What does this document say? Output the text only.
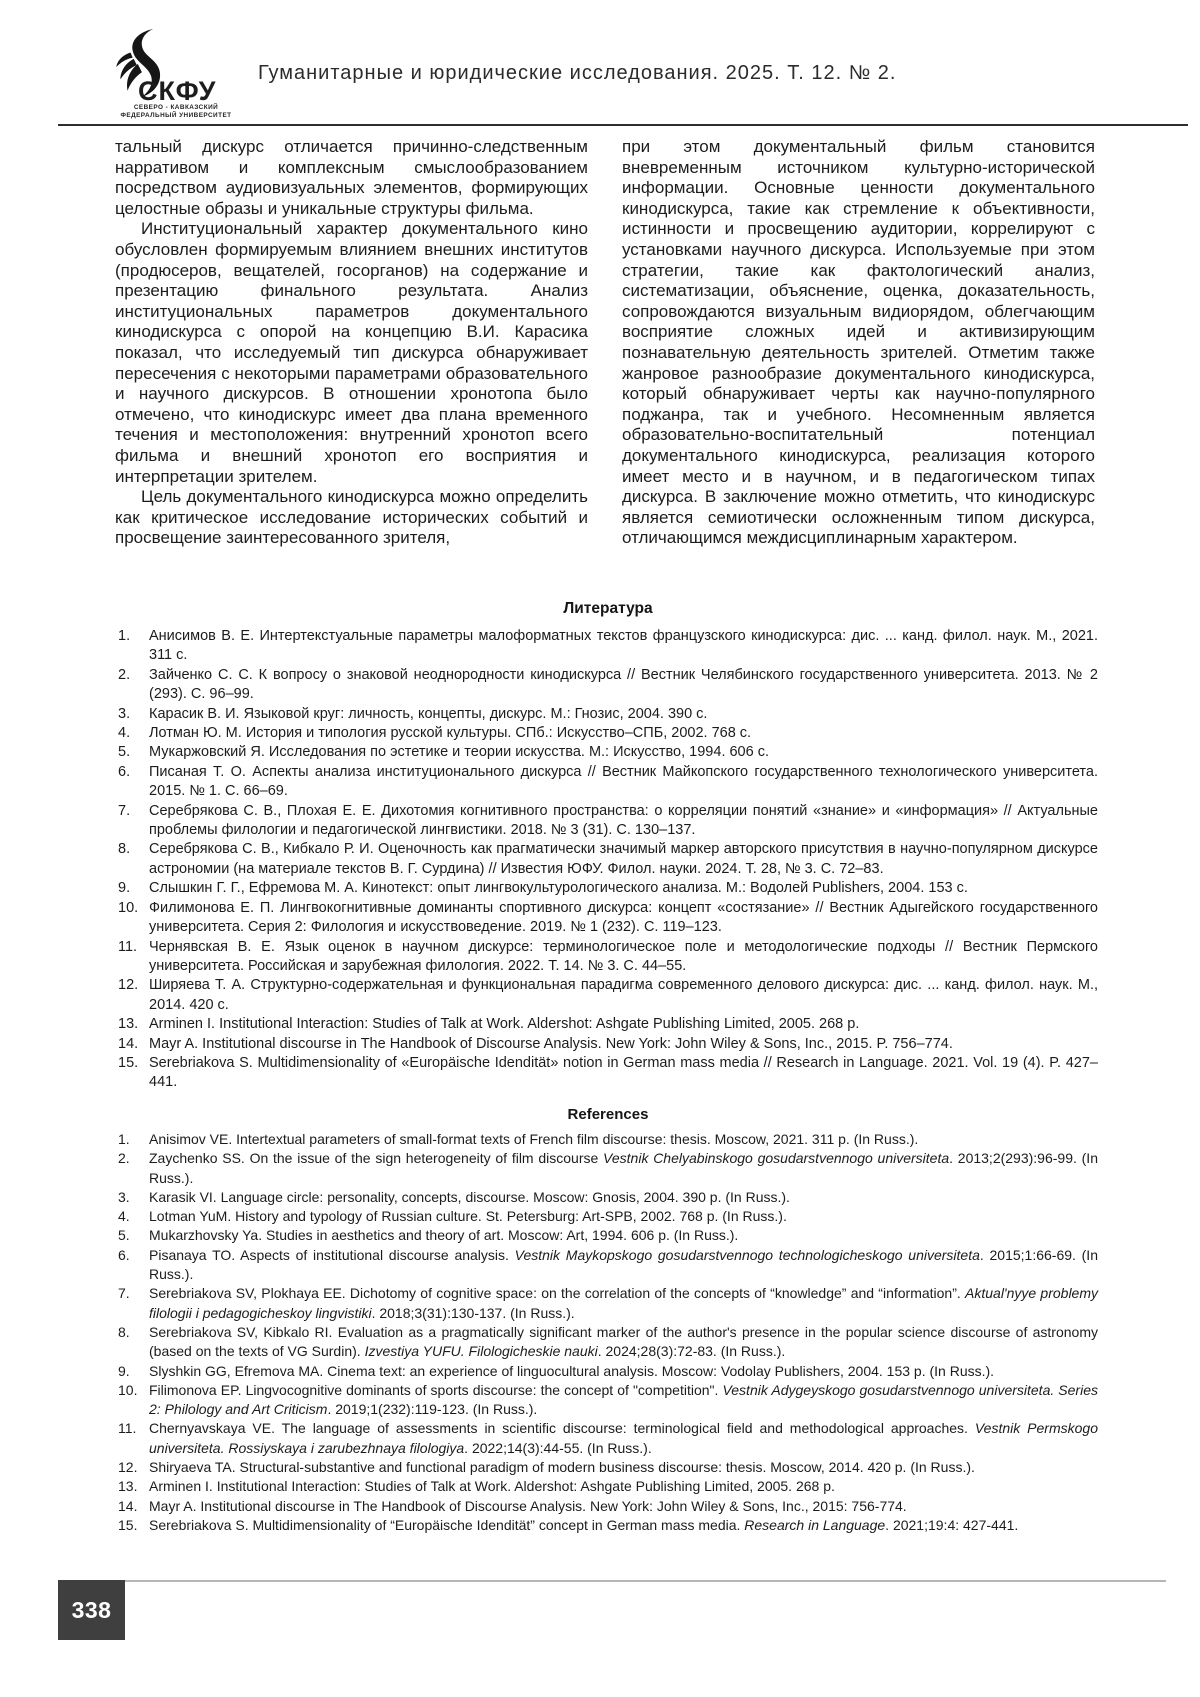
СКФУ
СЕВЕРО - КАВКАЗСКИЙ
ФЕДЕРАЛЬНЫЙ УНИВЕРСИТЕТ
Гуманитарные и юридические исследования. 2025. Т. 12. № 2.

тальный дискурс отличается причинно-следственным нарративом и комплексным смыслообразованием посредством аудиовизуальных элементов, формирующих целостные образы и уникальные структуры фильма.

Институциональный характер документального кино обусловлен формируемым влиянием внешних институтов (продюсеров, вещателей, госорганов) на содержание и презентацию финального результата. Анализ институциональных параметров документального кинодискурса с опорой на концепцию В.И. Карасика показал, что исследуемый тип дискурса обнаруживает пересечения с некоторыми параметрами образовательного и научного дискурсов. В отношении хронотопа было отмечено, что кинодискурс имеет два плана временного течения и местоположения: внутренний хронотоп всего фильма и внешний хронотоп его восприятия и интерпретации зрителем.

Цель документального кинодискурса можно определить как критическое исследование исторических событий и просвещение заинтересованного зрителя,

при этом документальный фильм становится вневременным источником культурно-исторической информации. Основные ценности документального кинодискурса, такие как стремление к объективности, истинности и просвещению аудитории, коррелируют с установками научного дискурса. Используемые при этом стратегии, такие как фактологический анализ, систематизации, объяснение, оценка, доказательность, сопровождаются визуальным видиорядом, облегчающим восприятие сложных идей и активизирующим познавательную деятельность зрителей. Отметим также жанровое разнообразие документального кинодискурса, который обнаруживает черты как научно-популярного поджанра, так и учебного. Несомненным является образовательно-воспитательный потенциал документального кинодискурса, реализация которого имеет место и в научном, и в педагогическом типах дискурса. В заключение можно отметить, что кинодискурс является семиотически осложненным типом дискурса, отличающимся междисциплинарным характером.

Литература
1.	Анисимов В. Е. Интертекстуальные параметры малоформатных текстов французского кинодискурса: дис. ... канд. филол. наук. М., 2021. 311 с.
2.	Зайченко С. С. К вопросу о знаковой неоднородности кинодискурса // Вестник Челябинского государственного университета. 2013. № 2 (293). С. 96–99.
3.	Карасик В. И. Языковой круг: личность, концепты, дискурс. М.: Гнозис, 2004. 390 с.
4.	Лотман Ю. М. История и типология русской культуры. СПб.: Искусство–СПБ, 2002. 768 с.
5.	Мукаржовский Я. Исследования по эстетике и теории искусства. М.: Искусство, 1994. 606 с.
6.	Писаная Т. О. Аспекты анализа институционального дискурса // Вестник Майкопского государственного технологического университета. 2015. № 1. С. 66–69.
7.	Серебрякова С. В., Плохая Е. Е. Дихотомия когнитивного пространства: о корреляции понятий «знание» и «информация» // Актуальные проблемы филологии и педагогической лингвистики. 2018. № 3 (31). С. 130–137.
8.	Серебрякова С. В., Кибкало Р. И. Оценочность как прагматически значимый маркер авторского присутствия в научно-популярном дискурсе астрономии (на материале текстов В. Г. Сурдина) // Известия ЮФУ. Филол. науки. 2024. Т. 28, № 3. С. 72–83.
9.	Слышкин Г. Г., Ефремова М. А. Кинотекст: опыт лингвокультурологического анализа. М.: Водолей Publishers, 2004. 153 с.
10. Филимонова Е. П. Лингвокогнитивные доминанты спортивного дискурса: концепт «состязание» // Вестник Адыгейского государственного университета. Серия 2: Филология и искусствоведение. 2019. № 1 (232). С. 119–123.
11. Чернявская В. Е. Язык оценок в научном дискурсе: терминологическое поле и методологические подходы // Вестник Пермского университета. Российская и зарубежная филология. 2022. Т. 14. № 3. С. 44–55.
12. Ширяева Т. А. Структурно-содержательная и функциональная парадигма современного делового дискурса: дис. ... канд. филол. наук. М., 2014. 420 с.
13. Arminen I. Institutional Interaction: Studies of Talk at Work. Aldershot: Ashgate Publishing Limited, 2005. 268 p.
14. Mayr A. Institutional discourse in The Handbook of Discourse Analysis. New York: John Wiley & Sons, Inc., 2015. P. 756–774.
15. Serebriakova S. Multidimensionality of «Europäische Idendität» notion in German mass media // Research in Language. 2021. Vol. 19 (4). P. 427–441.
References
1.	Anisimov VE. Intertextual parameters of small-format texts of French film discourse: thesis. Moscow, 2021. 311 p. (In Russ.).
2.	Zaychenko SS. On the issue of the sign heterogeneity of film discourse Vestnik Chelyabinskogo gosudarstvennogo universiteta. 2013;2(293):96-99. (In Russ.).
3.	Karasik VI. Language circle: personality, concepts, discourse. Moscow: Gnosis, 2004. 390 p. (In Russ.).
4.	Lotman YuM. History and typology of Russian culture. St. Petersburg: Art-SPB, 2002. 768 p. (In Russ.).
5.	Mukarzhovsky Ya. Studies in aesthetics and theory of art. Moscow: Art, 1994. 606 p. (In Russ.).
6.	Pisanaya TO. Aspects of institutional discourse analysis. Vestnik Maykopskogo gosudarstvennogo technologicheskogo universiteta. 2015;1:66-69. (In Russ.).
7.	Serebriakova SV, Plokhaya EE. Dichotomy of cognitive space: on the correlation of the concepts of “knowledge” and “information”. Aktual'nyye problemy filologii i pedagogicheskoy lingvistiki. 2018;3(31):130-137. (In Russ.).
8.	Serebriakova SV, Kibkalo RI. Evaluation as a pragmatically significant marker of the author's presence in the popular science discourse of astronomy (based on the texts of VG Surdin). Izvestiya YUFU. Filologicheskie nauki. 2024;28(3):72-83. (In Russ.).
9.	Slyshkin GG, Efremova MA. Cinema text: an experience of linguocultural analysis. Moscow: Vodolay Publishers, 2004. 153 p. (In Russ.).
10. Filimonova EP. Lingvocognitive dominants of sports discourse: the concept of "competition". Vestnik Adygeyskogo gosudarstvennogo universiteta. Series 2: Philology and Art Criticism. 2019;1(232):119-123. (In Russ.).
11. Chernyavskaya VE. The language of assessments in scientific discourse: terminological field and methodological approaches. Vestnik Permskogo universiteta. Rossiyskaya i zarubezhnaya filologiya. 2022;14(3):44-55. (In Russ.).
12. Shiryaeva TA. Structural-substantive and functional paradigm of modern business discourse: thesis. Moscow, 2014. 420 p. (In Russ.).
13. Arminen I. Institutional Interaction: Studies of Talk at Work. Aldershot: Ashgate Publishing Limited, 2005. 268 p.
14. Mayr A. Institutional discourse in The Handbook of Discourse Analysis. New York: John Wiley & Sons, Inc., 2015: 756-774.
15. Serebriakova S. Multidimensionality of “Europäische Idendität” concept in German mass media. Research in Language. 2021;19:4: 427-441.
338
